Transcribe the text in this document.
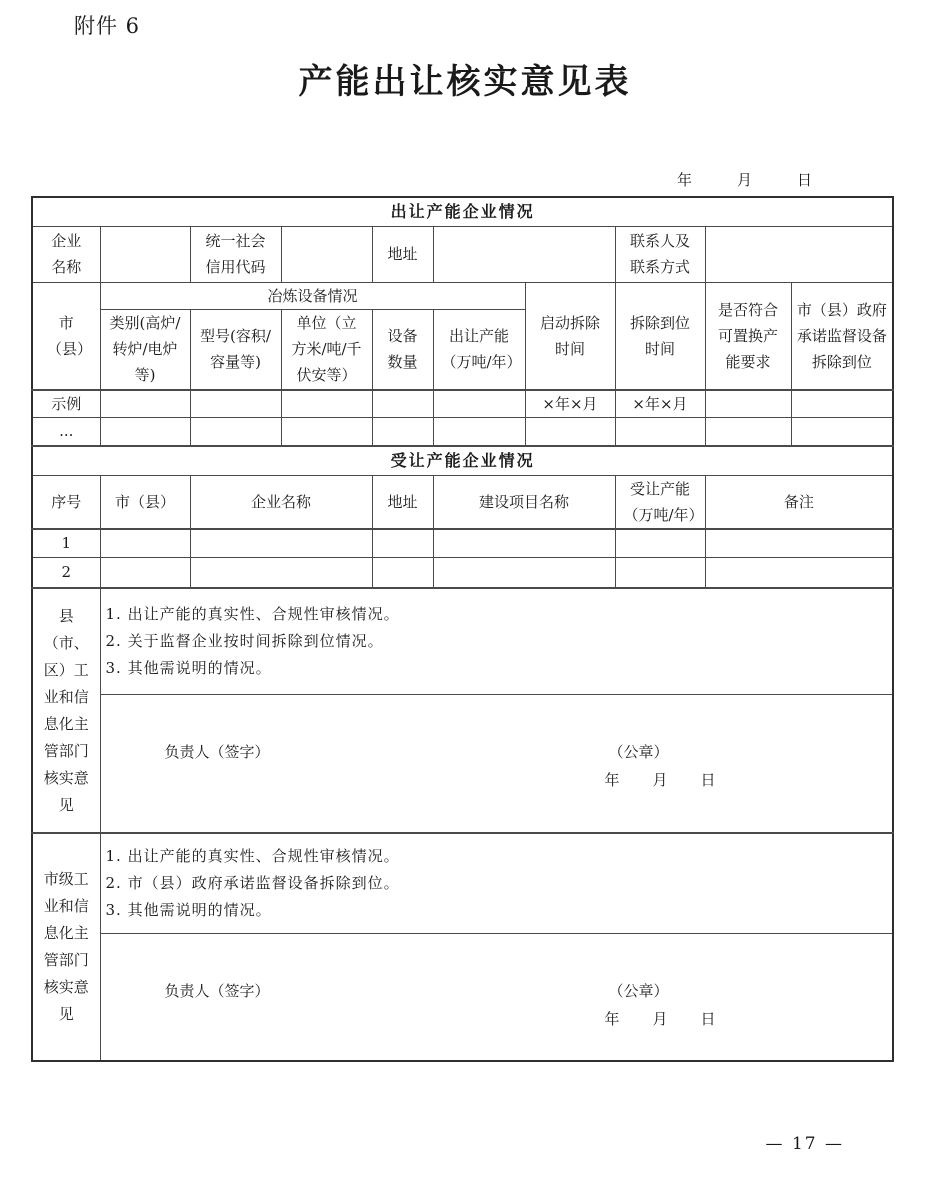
附件 6
产能出让核实意见表
年　　　月　　　日
出让产能企业情况									
企业名称		统一社会信用代码		地址			联系人及联系方式		
市（县）	冶炼设备情况					启动拆除时间	拆除到位时间	是否符合可置换产能要求	市（县）政府承诺监督设备拆除到位
	类别(高炉/转炉/电炉等)	型号(容积/容量等)	单位（立方米/吨/千伏安等）	设备数量	出让产能（万吨/年）				
示例						×年×月	×年×月		
...									
受让产能企业情况									
序号	市（县）	企业名称		地址	建设项目名称		受让产能（万吨/年）	备注	
1									
2									
县（市、区）工业和信息化主管部门核实意见	1. 出让产能的真实性、合规性审核情况。
2. 关于监督企业按时间拆除到位情况。
3. 其他需说明的情况。								

	负责人（签字） （公章）
年　　月　　日								

市级工业和信息化主管部门核实意见	1. 出让产能的真实性、合规性审核情况。
2. 市（县）政府承诺监督设备拆除到位。
3. 其他需说明的情况。								

	负责人（签字） （公章）
年　　月　　日								
— 17 —
